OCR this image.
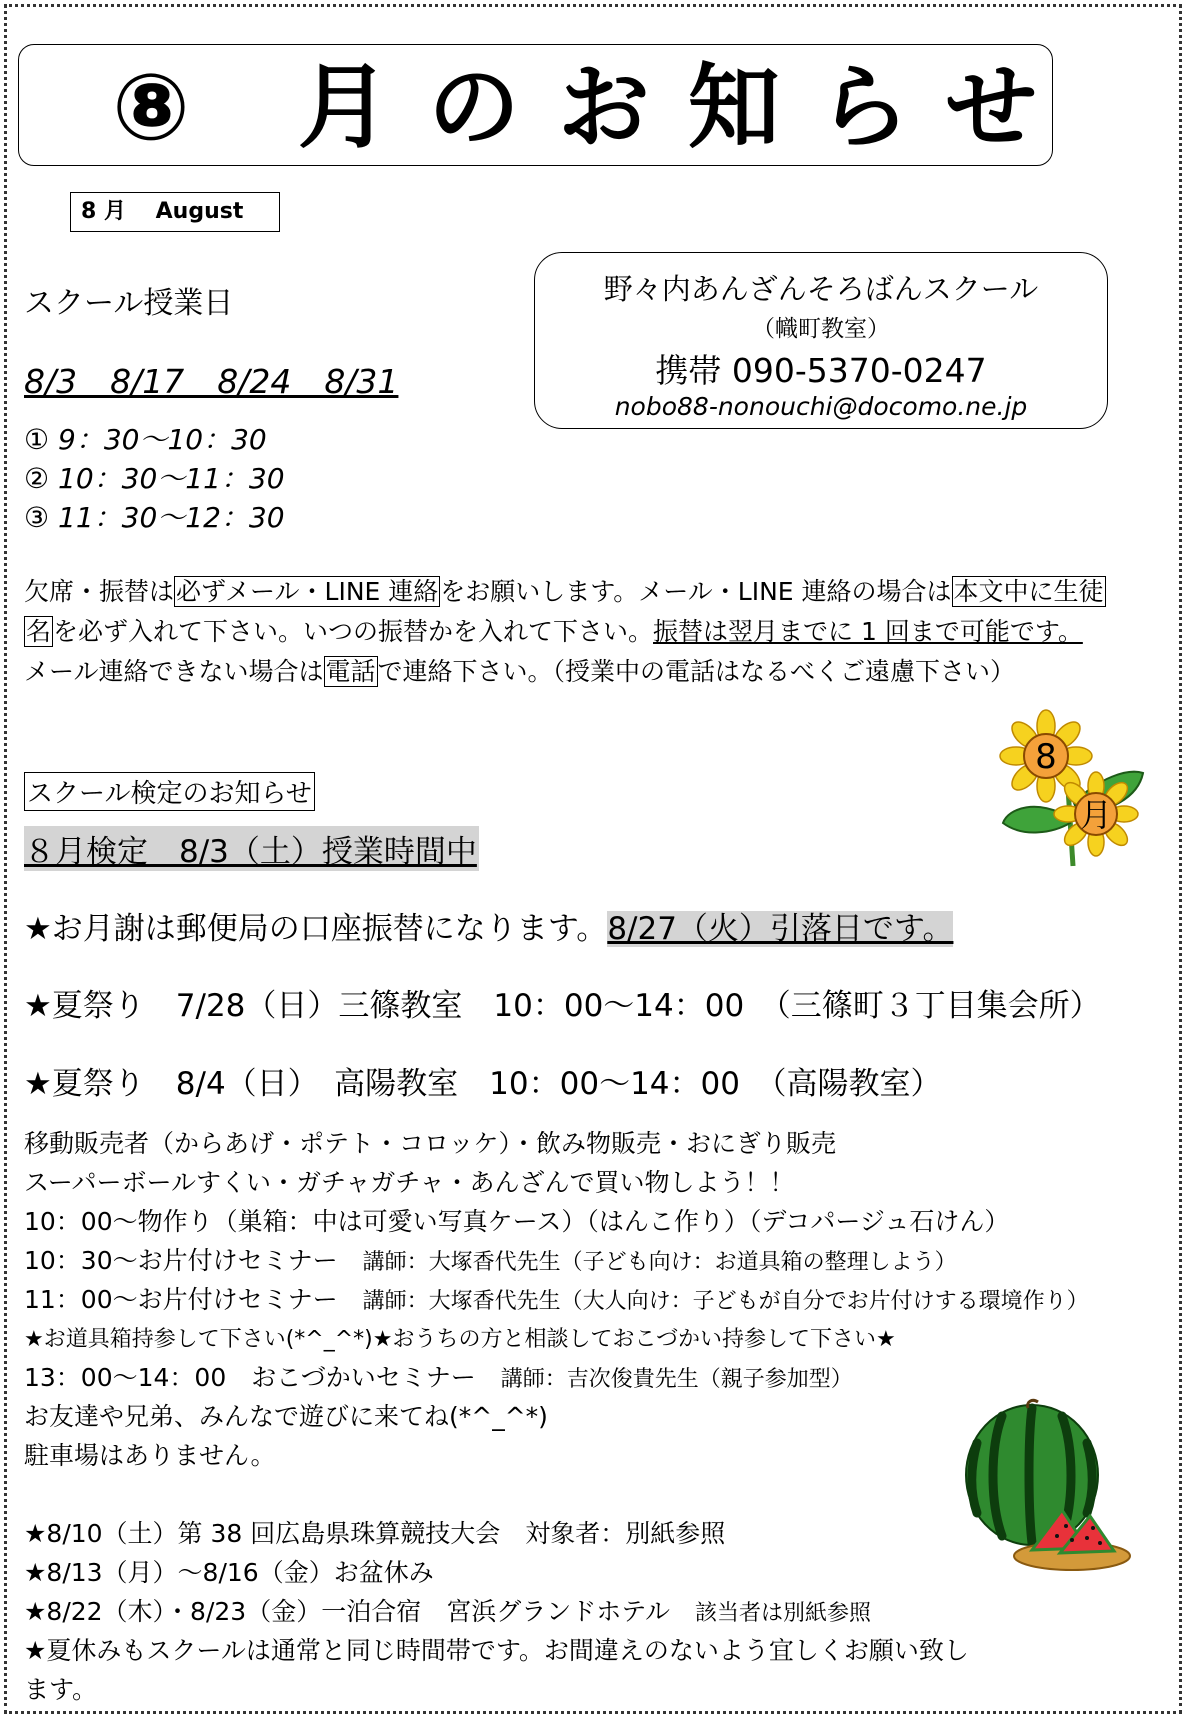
⑧ 月のお知らせ
8 月　 August
野々内あんざんそろばんスクール
（幟町教室）
携帯 090-5370-0247
nobo88-nonouchi@docomo.ne.jp
スクール授業日
8/3　8/17　8/24　8/31
① 9：30〜10：30
② 10：30〜11：30
③ 11：30〜12：30
欠席・振替は必ずメール・LINE 連絡をお願いします。メール・LINE 連絡の場合は本文中に生徒
名を必ず入れて下さい。いつの振替かを入れて下さい。振替は翌月までに 1 回まで可能です。
メール連絡できない場合は電話で連絡下さい。（授業中の電話はなるべくご遠慮下さい）
8
月
スクール検定のお知らせ
８月検定　8/3（土）授業時間中
★お月謝は郵便局の口座振替になります。8/27（火）引落日です。
★夏祭り　7/28（日）三篠教室　10：00〜14：00　（三篠町３丁目集会所）
★夏祭り　8/4（日）　高陽教室　10：00〜14：00　（高陽教室）
移動販売者（からあげ・ポテト・コロッケ）・飲み物販売・おにぎり販売
スーパーボールすくい・ガチャガチャ・あんざんで買い物しよう！！
10：00〜物作り（巣箱：中は可愛い写真ケース）（はんこ作り）（デコパージュ石けん）
10：30〜お片付けセミナー　講師：大塚香代先生（子ども向け：お道具箱の整理しよう）
11：00〜お片付けセミナー　講師：大塚香代先生（大人向け：子どもが自分でお片付けする環境作り）
★お道具箱持参して下さい(*^_^*)★おうちの方と相談しておこづかい持参して下さい★
13：00〜14：00　おこづかいセミナー　講師：吉次俊貴先生（親子参加型）
お友達や兄弟、みんなで遊びに来てね(*^_^*)
駐車場はありません。
★8/10（土）第 38 回広島県珠算競技大会　対象者：別紙参照
★8/13（月）〜8/16（金）お盆休み
★8/22（木）・8/23（金）一泊合宿　宮浜グランドホテル　該当者は別紙参照
★夏休みもスクールは通常と同じ時間帯です。お間違えのないよう宜しくお願い致し
ます。
